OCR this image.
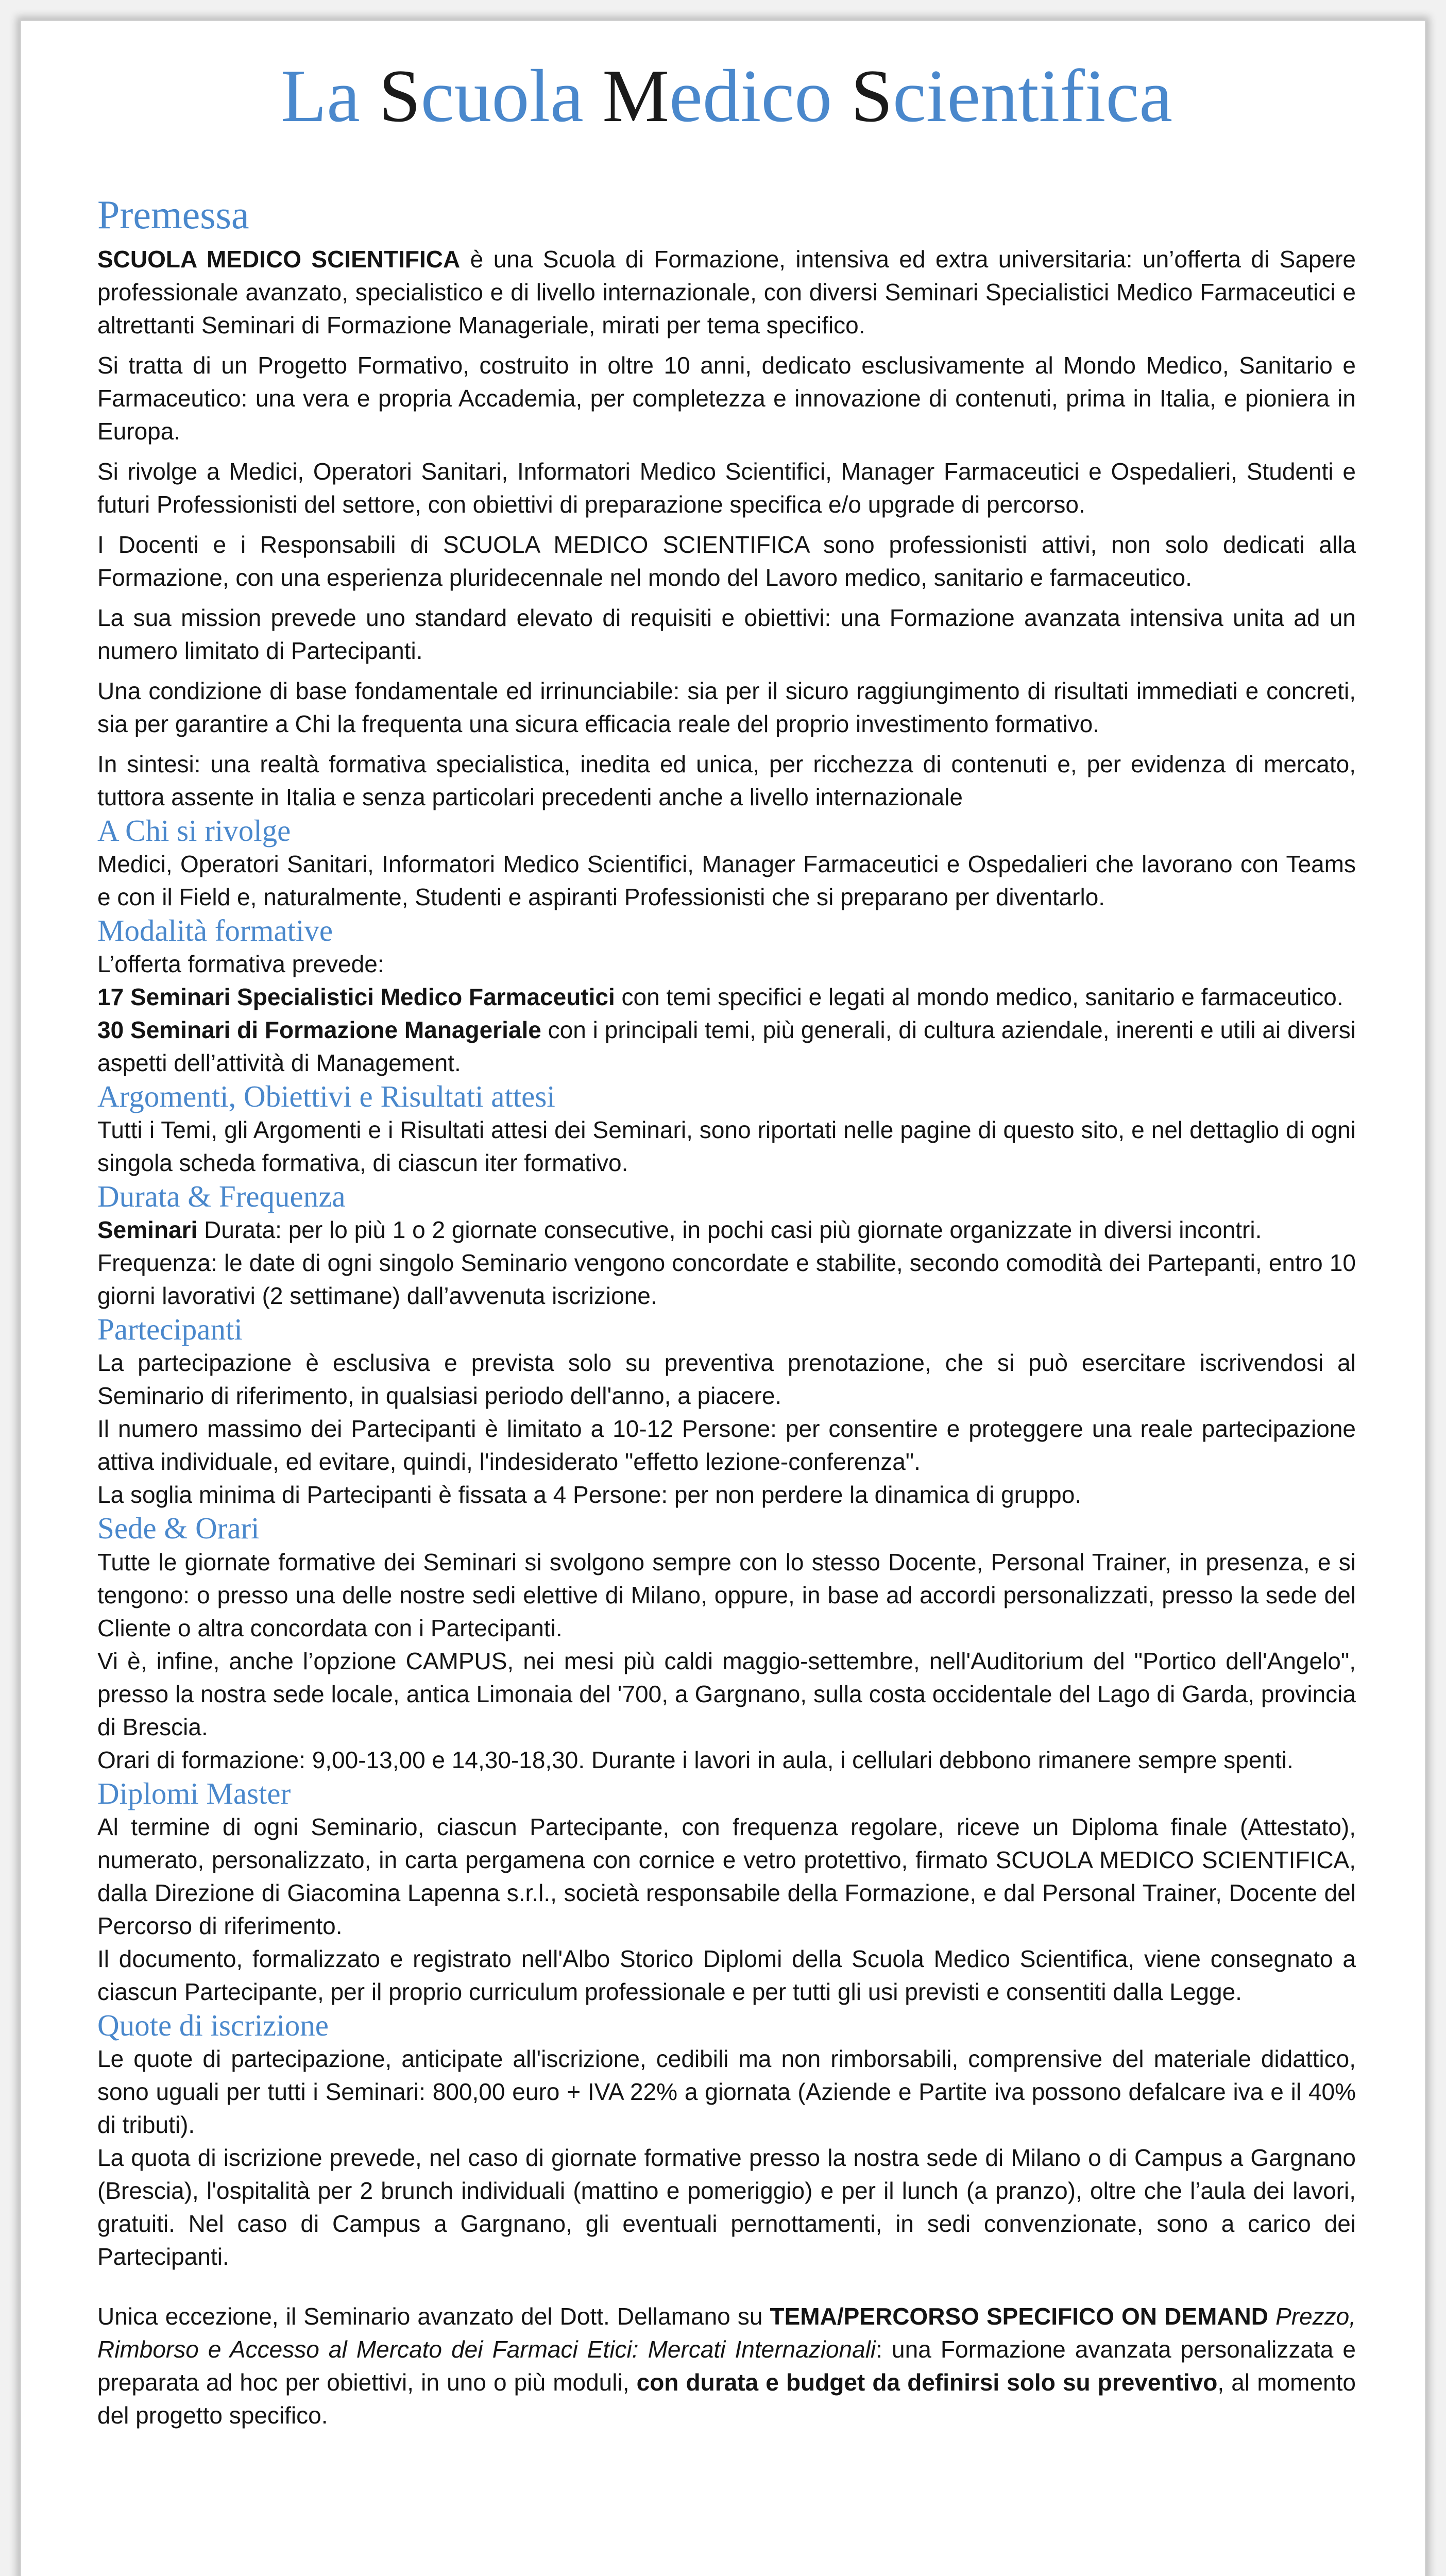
La Scuola Medico Scientifica
Premessa

SCUOLA MEDICO SCIENTIFICA è una Scuola di Formazione, intensiva ed extra universitaria: un’offerta di Sapere professionale avanzato, specialistico e di livello internazionale, con diversi Seminari Specialistici Medico Farmaceutici e altrettanti Seminari di Formazione Manageriale, mirati per tema specifico.

Si tratta di un Progetto Formativo, costruito in oltre 10 anni, dedicato esclusivamente al Mondo Medico, Sanitario e Farmaceutico: una vera e propria Accademia, per completezza e innovazione di contenuti, prima in Italia, e pioniera in Europa.

Si rivolge a Medici, Operatori Sanitari, Informatori Medico Scientifici, Manager Farmaceutici e Ospedalieri, Studenti e futuri Professionisti del settore, con obiettivi di preparazione specifica e/o upgrade di percorso.

I Docenti e i Responsabili di SCUOLA MEDICO SCIENTIFICA sono professionisti attivi, non solo dedicati alla Formazione, con una esperienza pluridecennale nel mondo del Lavoro medico, sanitario e farmaceutico.

La sua mission prevede uno standard elevato di requisiti e obiettivi: una Formazione avanzata intensiva unita ad un numero limitato di Partecipanti.

Una condizione di base fondamentale ed irrinunciabile: sia per il sicuro raggiungimento di risultati immediati e concreti, sia per garantire a Chi la frequenta una sicura efficacia reale del proprio investimento formativo.

In sintesi: una realtà formativa specialistica, inedita ed unica, per ricchezza di contenuti e, per evidenza di mercato, tuttora assente in Italia e senza particolari precedenti anche a livello internazionale

A Chi si rivolge

Medici, Operatori Sanitari, Informatori Medico Scientifici, Manager Farmaceutici e Ospedalieri che lavorano con Teams e con il Field e, naturalmente, Studenti e aspiranti Professionisti che si preparano per diventarlo.

Modalità formative

L’offerta formativa prevede:

17 Seminari Specialistici Medico Farmaceutici con temi specifici e legati al mondo medico, sanitario e farmaceutico.

30 Seminari di Formazione Manageriale con i principali temi, più generali, di cultura aziendale, inerenti e utili ai diversi aspetti dell’attività di Management.

Argomenti, Obiettivi e Risultati attesi

Tutti i Temi, gli Argomenti e i Risultati attesi dei Seminari, sono riportati nelle pagine di questo sito, e nel dettaglio di ogni singola scheda formativa, di ciascun iter formativo.

Durata & Frequenza

Seminari Durata: per lo più 1 o 2 giornate consecutive, in pochi casi più giornate organizzate in diversi incontri.

Frequenza: le date di ogni singolo Seminario vengono concordate e stabilite, secondo comodità dei Partepanti, entro 10 giorni lavorativi (2 settimane) dall’avvenuta iscrizione.

Partecipanti

La partecipazione è esclusiva e prevista solo su preventiva prenotazione, che si può esercitare iscrivendosi al Seminario di riferimento, in qualsiasi periodo dell'anno, a piacere.

Il numero massimo dei Partecipanti è limitato a 10-12 Persone: per consentire e proteggere una reale partecipazione attiva individuale, ed evitare, quindi, l'indesiderato "effetto lezione-conferenza".

La soglia minima di Partecipanti è fissata a 4 Persone: per non perdere la dinamica di gruppo.

Sede & Orari

Tutte le giornate formative dei Seminari si svolgono sempre con lo stesso Docente, Personal Trainer, in presenza, e si tengono: o presso una delle nostre sedi elettive di Milano, oppure, in base ad accordi personalizzati, presso la sede del Cliente o altra concordata con i Partecipanti.

Vi è, infine, anche l’opzione CAMPUS, nei mesi più caldi maggio-settembre, nell'Auditorium del "Portico dell'Angelo", presso la nostra sede locale, antica Limonaia del '700, a Gargnano, sulla costa occidentale del Lago di Garda, provincia di Brescia.

Orari di formazione: 9,00-13,00 e 14,30-18,30. Durante i lavori in aula, i cellulari debbono rimanere sempre spenti.

Diplomi Master

Al termine di ogni Seminario, ciascun Partecipante, con frequenza regolare, riceve un Diploma finale (Attestato), numerato, personalizzato, in carta pergamena con cornice e vetro protettivo, firmato SCUOLA MEDICO SCIENTIFICA, dalla Direzione di Giacomina Lapenna s.r.l., società responsabile della Formazione, e dal Personal Trainer, Docente del Percorso di riferimento.

Il documento, formalizzato e registrato nell'Albo Storico Diplomi della Scuola Medico Scientifica, viene consegnato a ciascun Partecipante, per il proprio curriculum professionale e per tutti gli usi previsti e consentiti dalla Legge.

Quote di iscrizione

Le quote di partecipazione, anticipate all'iscrizione, cedibili ma non rimborsabili, comprensive del materiale didattico, sono uguali per tutti i Seminari: 800,00 euro + IVA 22% a giornata (Aziende e Partite iva possono defalcare iva e il 40% di tributi).

La quota di iscrizione prevede, nel caso di giornate formative presso la nostra sede di Milano o di Campus a Gargnano (Brescia), l'ospitalità per 2 brunch individuali (mattino e pomeriggio) e per il lunch (a pranzo), oltre che l’aula dei lavori, gratuiti. Nel caso di Campus a Gargnano, gli eventuali pernottamenti, in sedi convenzionate, sono a carico dei Partecipanti.

Unica eccezione, il Seminario avanzato del Dott. Dellamano su TEMA/PERCORSO SPECIFICO ON DEMAND Prezzo, Rimborso e Accesso al Mercato dei Farmaci Etici: Mercati Internazionali: una Formazione avanzata personalizzata e preparata ad hoc per obiettivi, in uno o più moduli, con durata e budget da definirsi solo su preventivo, al momento del progetto specifico.
